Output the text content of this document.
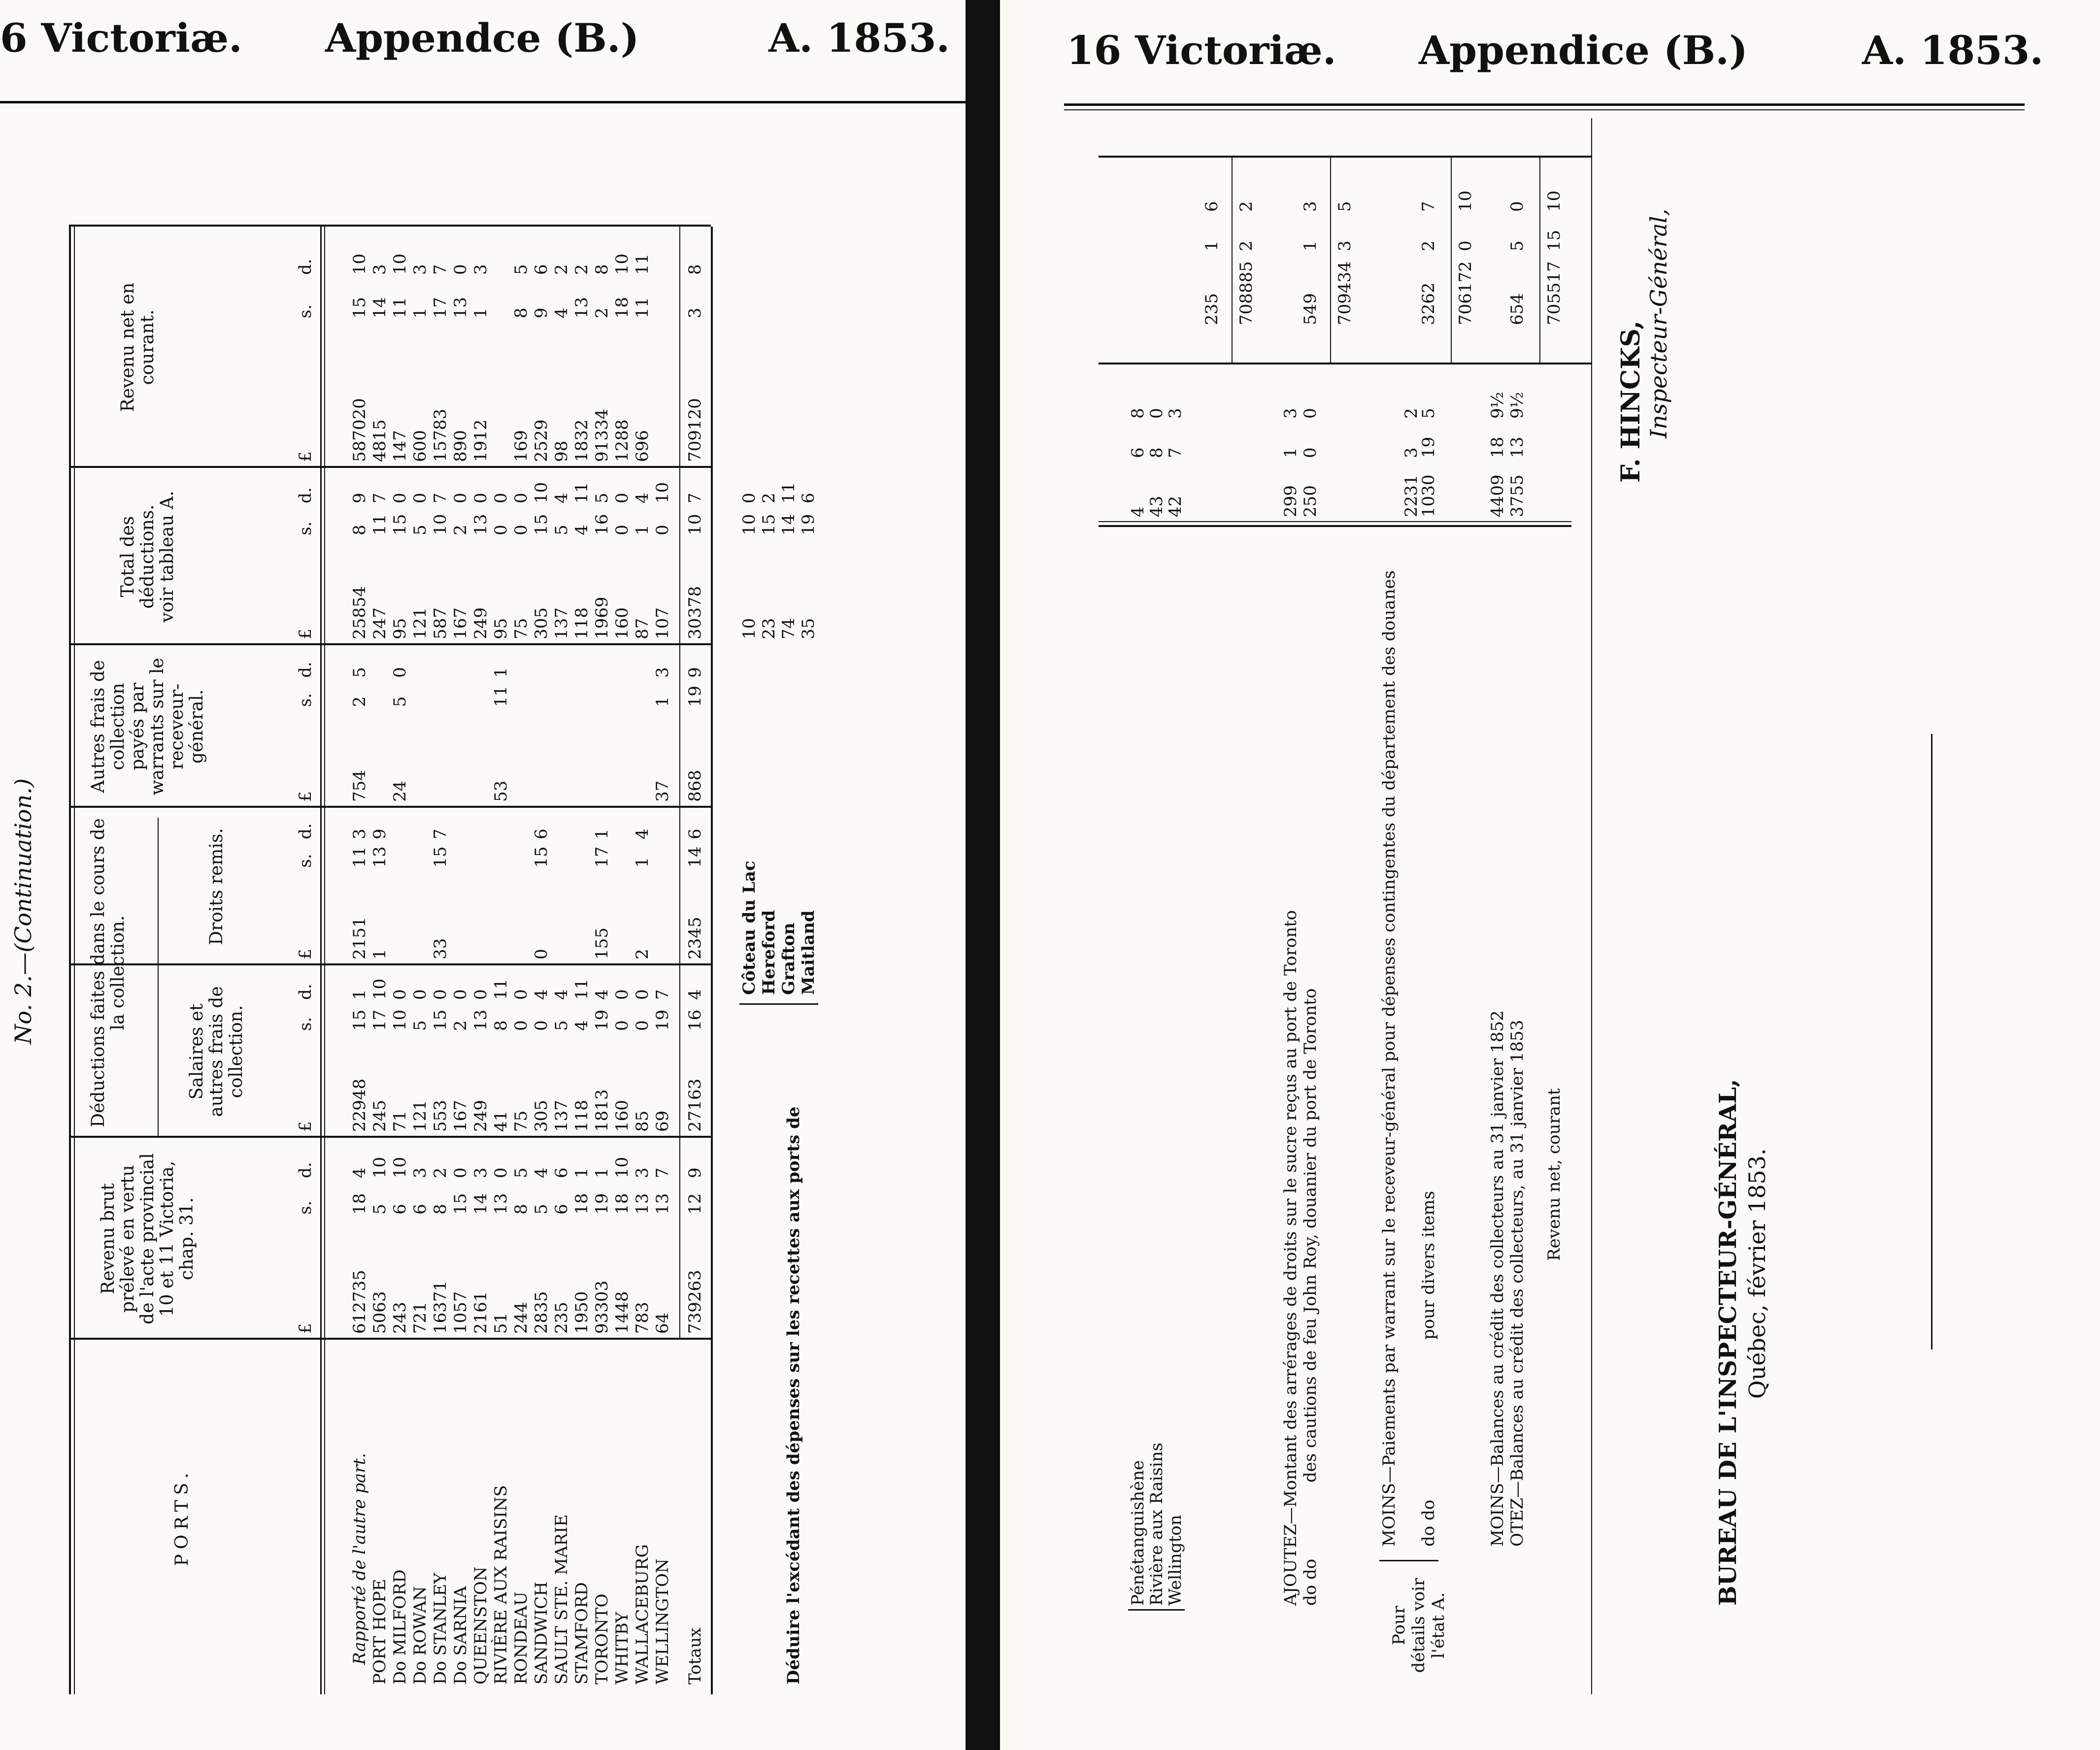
6 Victoriæ. Appendce (B.)	A. 1853.
No. 2.—(Continuation.)
PORTS.
Revenu brut prélevé en vertu de l'acte provincial 10 et 11 Victoria, chap. 31.
Déductions faites dans le cours de la collection.
Salaires et autres frais de collection.
Droits remis.
Autres frais de collection payés par warrants sur le receveur-général.
Total des déductions. voir tableau A.
Revenu net en courant.
£
s.
d.
£
s.
d.
£
s.
d.
£
s.
d.
£
s.
d.
£
s.
d.
Rapporté de l'autre part.
612735
18
4
22948
15
1
2151
11
3
754
2
5
25854
8
9
587020
15
10
PORT HOPE
5063
5
10
245
17
10
1
13
9
247
11
7
4815
14
3
Do MILFORD
243
6
10
71
10
0
24
5
0
95
15
0
147
11
10
Do ROWAN
721
6
3
121
5
0
121
5
0
600
1
3
Do STANLEY
16371
8
2
553
15
0
33
15
7
587
10
7
15783
17
7
Do SARNIA
1057
15
0
167
2
0
167
2
0
890
13
0
QUEENSTON
2161
14
3
249
13
0
249
13
0
1912
1
3
RIVIÈRE AUX RAISINS
51
13
0
41
8
11
53
11
1
95
0
0
RONDEAU
244
8
5
75
0
0
75
0
0
169
8
5
SANDWICH
2835
5
4
305
0
4
0
15
6
305
15
10
2529
9
6
SAULT STE. MARIE
235
6
6
137
5
4
137
5
4
98
4
2
STAMFORD
1950
18
1
118
4
11
118
4
11
1832
13
2
TORONTO
93303
19
1
1813
19
4
155
17
1
1969
16
5
91334
2
8
WHITBY
1448
18
10
160
0
0
160
0
0
1288
18
10
WALLACEBURG
783
13
3
85
0
0
2
1
4
87
1
4
696
11
11
WELLINGTON
64
13
7
69
19
7
37
1
3
107
0
10
Totaux
739263
12
9
27163
16
4
2345
14
6
868
19
9
30378
10
7
709120
3
8
Déduire l'excédant des dépenses sur les recettes aux ports de
Côteau du Lac
10
10
0
Hereford
23
15
2
Grafton
74
14
11
Maitland
35
19
6
16 Victoriæ. Appendice (B.)	A. 1853.
Pénétanguishène
4
6
8
Rivière aux Raisins
43
8
0
Wellington
42
7
3
235
1
6
708885
2
2
AJOUTEZ—Montant des arrérages de droits sur le sucre reçus au port de Toronto do do
des cautions de feu John Roy, douanier du port de Toronto
299
1
3
250
0
0
549
1
3
709434
3
5
Pour détails voir l'état A.
MOINS—Paiements par warrant sur le receveur-général pour dépenses contingentes du département des douanes do do
pour divers items
2231
3
2
1030
19
5
3262
2
7
706172
0
10
MOINS—Balances au crédit des collecteurs au 31 janvier 1852 OTEZ—Balances au crédit des collecteurs, au 31 janvier 1853
4409
18
9½
3755
13
9½
654
5
0
Revenu net, courant
705517
15
10
F. HINCKS, Inspecteur-Général,
BUREAU DE L'INSPECTEUR-GÉNÉRAL, Québec, février 1853.
